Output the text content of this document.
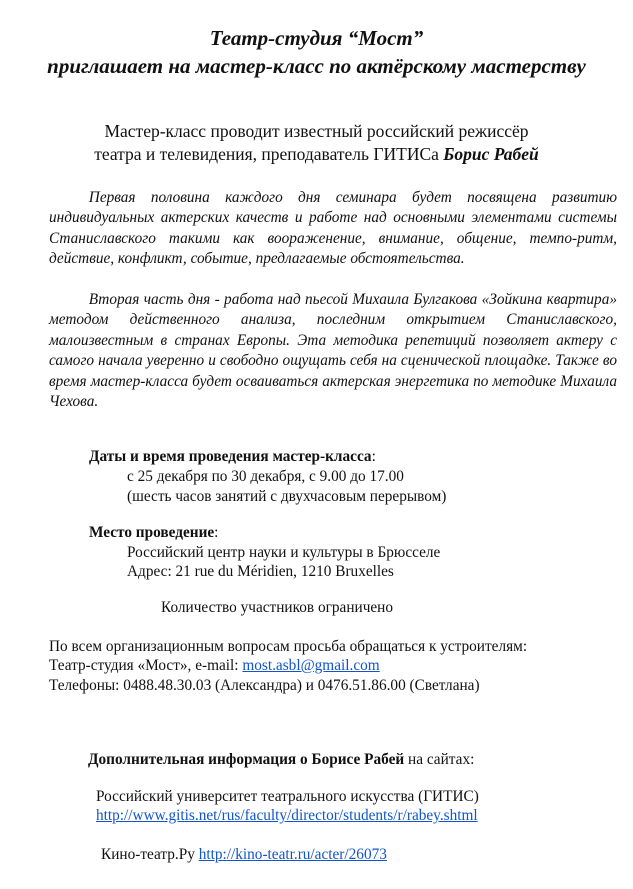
Театр-студия “Мост”
приглашает на мастер-класс по актёрскому мастерству
Мастер-класс проводит известный российский режиссёр
театра и телевидения, преподаватель ГИТИСа Борис Рабей
Первая половина каждого дня семинара будет посвящена развитию индивидуальных актерских качеств и работе над основными элементами системы Станиславского такими как воораженение, внимание, общение, темпо-ритм, действие, конфликт, событие, предлагаемые обстоятельства.
Вторая часть дня - работа над пьесой Михаила Булгакова «Зойкина квартира» методом действенного анализа, последним открытием Станиславского, малоизвестным в странах Европы. Эта методика репетиций позволяет актеру с самого начала уверенно и свободно ощущать себя на сценической площадке. Также во время мастер-класса будет осваиваться актерская энергетика по методике Михаила Чехова.
Даты и время проведения мастер-класса:
с 25 декабря по 30 декабря, с 9.00 до 17.00
(шесть часов занятий с двухчасовым перерывом)
Место проведение:
Российский центр науки и культуры в Брюсселе
Адрес: 21 rue du Méridien, 1210 Bruxelles
Количество участников ограничено
По всем организационным вопросам просьба обращаться к устроителям:
Театр-студия «Мост», e-mail: most.asbl@gmail.com
Телефоны: 0488.48.30.03 (Александра) и 0476.51.86.00 (Светлана)
Дополнительная информация о Борисе Рабей на сайтах:
Российский университет театрального искусства (ГИТИС)
http://www.gitis.net/rus/faculty/director/students/r/rabey.shtml
Кино-театр.Ру http://kino-teatr.ru/acter/26073
